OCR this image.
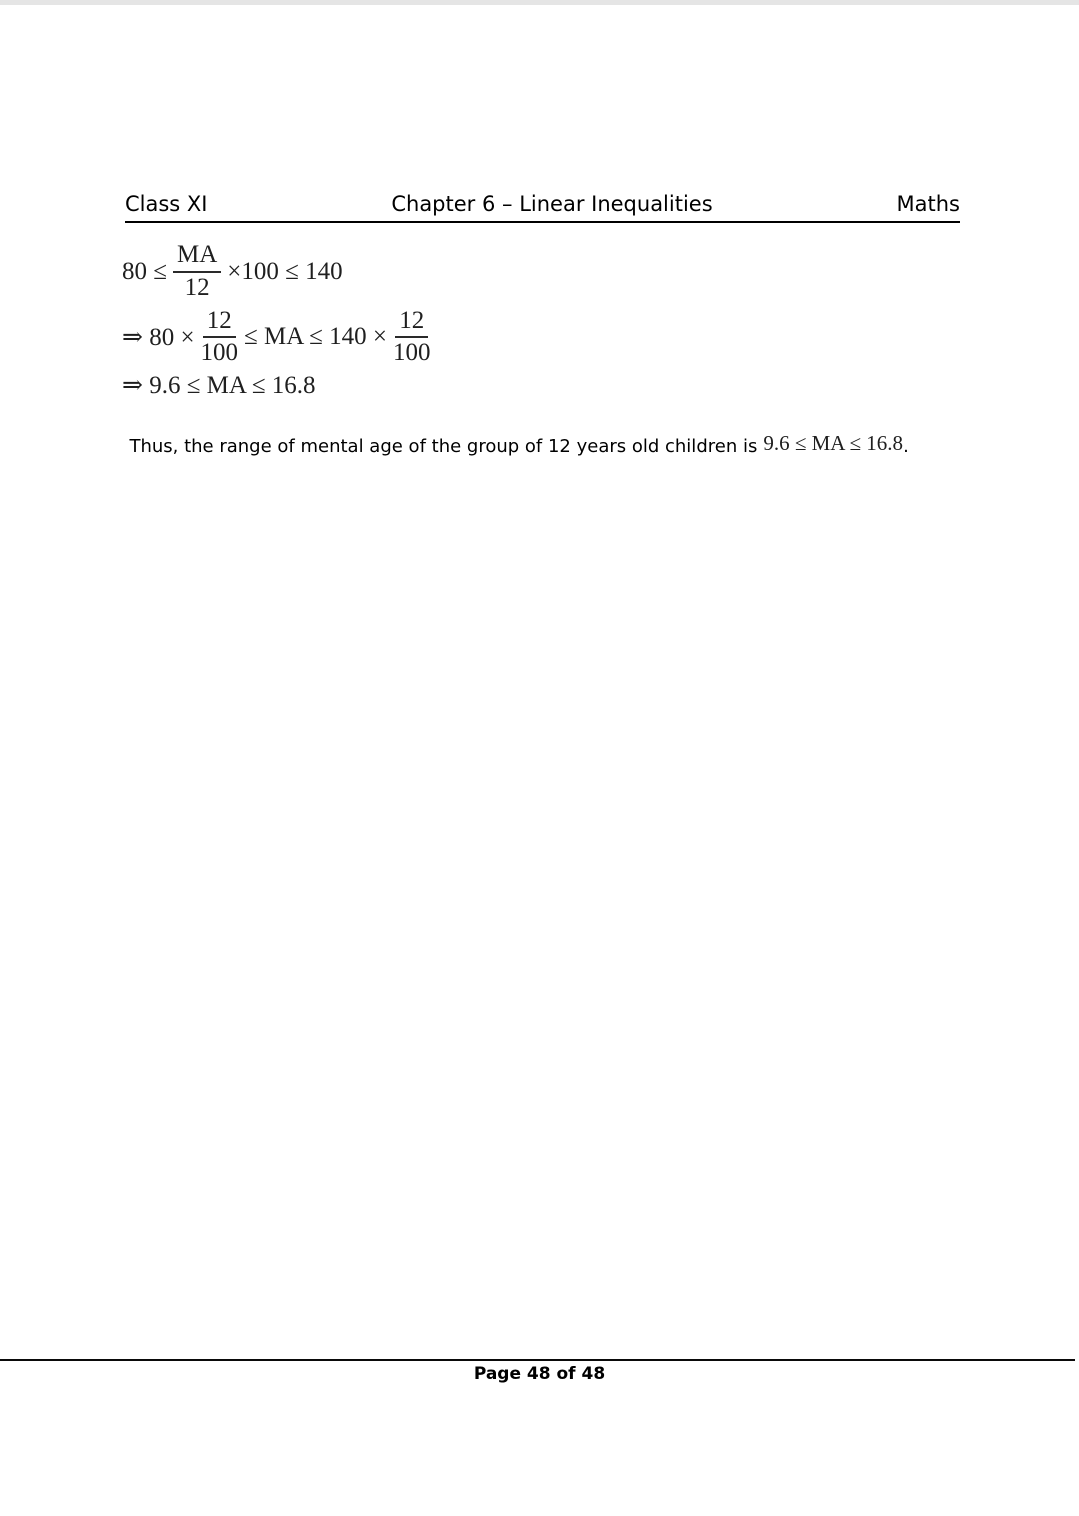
Class XI	Chapter 6 – Linear Inequalities	Maths
$80 \le \frac{MA}{12} \times 100 \le 140$
⇒ $80 \times \frac{12}{100}$ ≤ MA ≤ $140 \times \frac{12}{100}$
⇒ 9.6 ≤ MA ≤ 16.8

Thus, the range of mental age of the group of 12 years old children is 9.6 ≤ MA ≤ 16.8.

Page 48 of 48
